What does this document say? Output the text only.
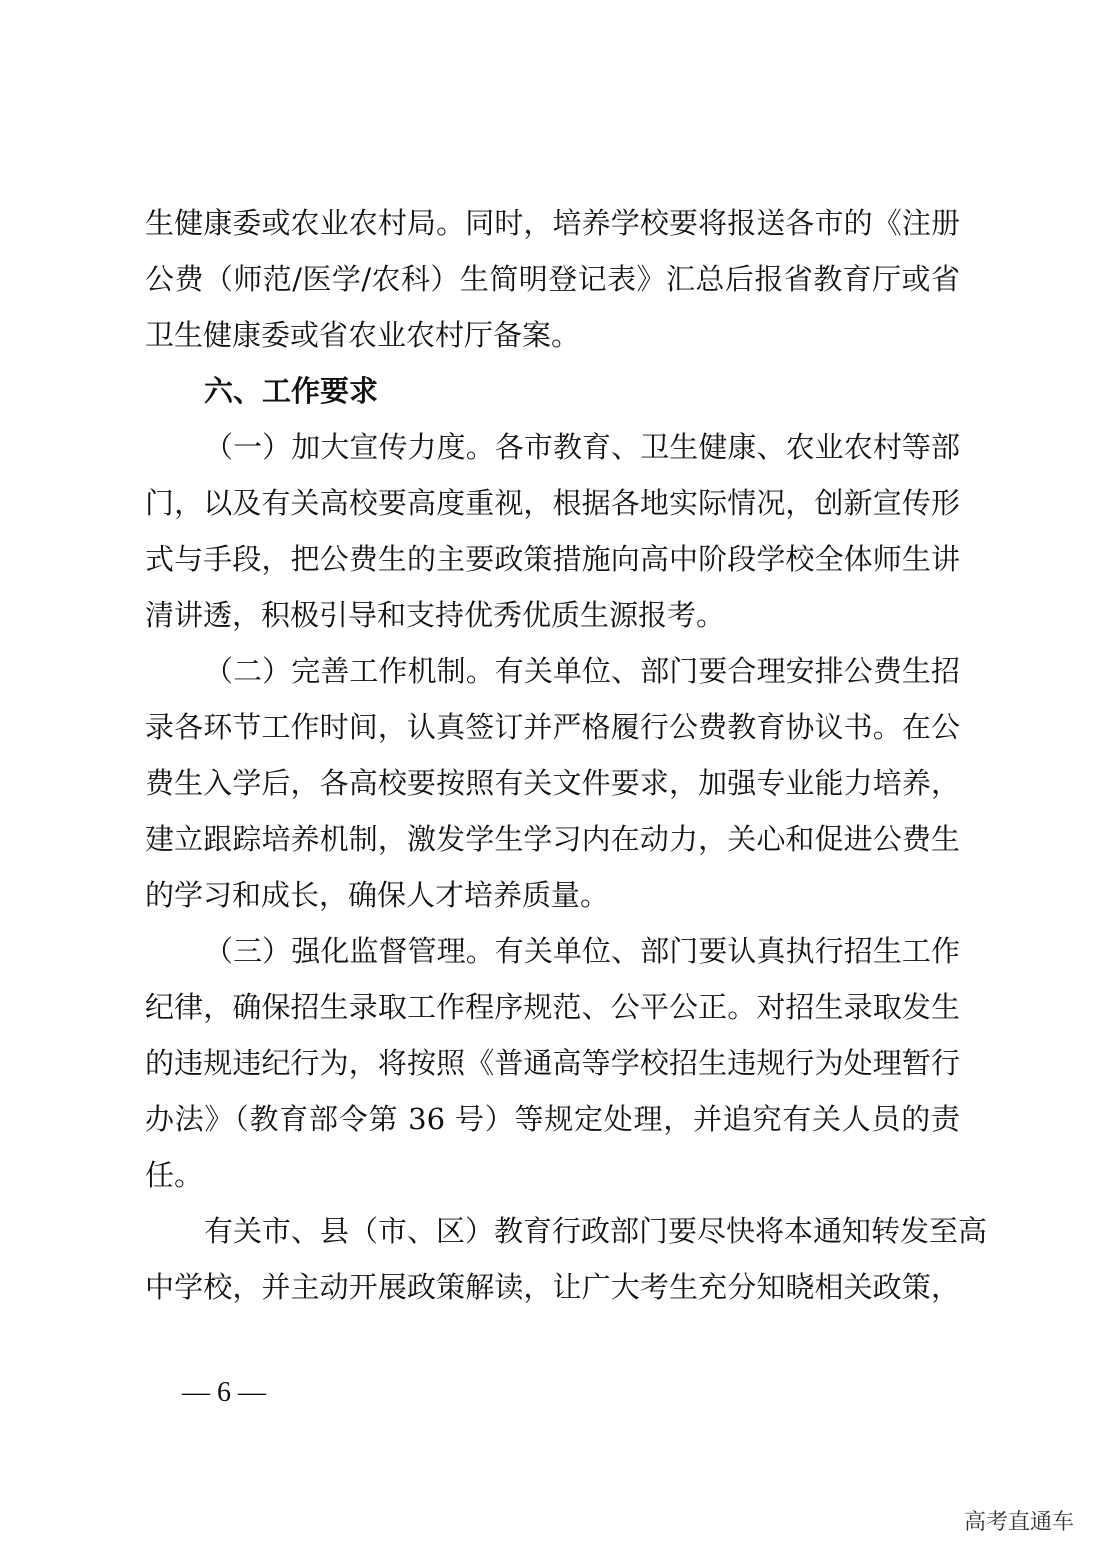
生健康委或农业农村局。同时，培养学校要将报送各市的《注册
公费（师范/医学/农科）生简明登记表》汇总后报省教育厅或省
卫生健康委或省农业农村厅备案。
六、工作要求
（一）加大宣传力度。各市教育、卫生健康、农业农村等部
门，以及有关高校要高度重视，根据各地实际情况，创新宣传形
式与手段，把公费生的主要政策措施向高中阶段学校全体师生讲
清讲透，积极引导和支持优秀优质生源报考。
（二）完善工作机制。有关单位、部门要合理安排公费生招
录各环节工作时间，认真签订并严格履行公费教育协议书。在公
费生入学后，各高校要按照有关文件要求，加强专业能力培养，
建立跟踪培养机制，激发学生学习内在动力，关心和促进公费生
的学习和成长，确保人才培养质量。
（三）强化监督管理。有关单位、部门要认真执行招生工作
纪律，确保招生录取工作程序规范、公平公正。对招生录取发生
的违规违纪行为，将按照《普通高等学校招生违规行为处理暂行
办法》（教育部令第 36 号）等规定处理，并追究有关人员的责
任。
有关市、县（市、区）教育行政部门要尽快将本通知转发至高
中学校，并主动开展政策解读，让广大考生充分知晓相关政策，
— 6 —
高考直通车
